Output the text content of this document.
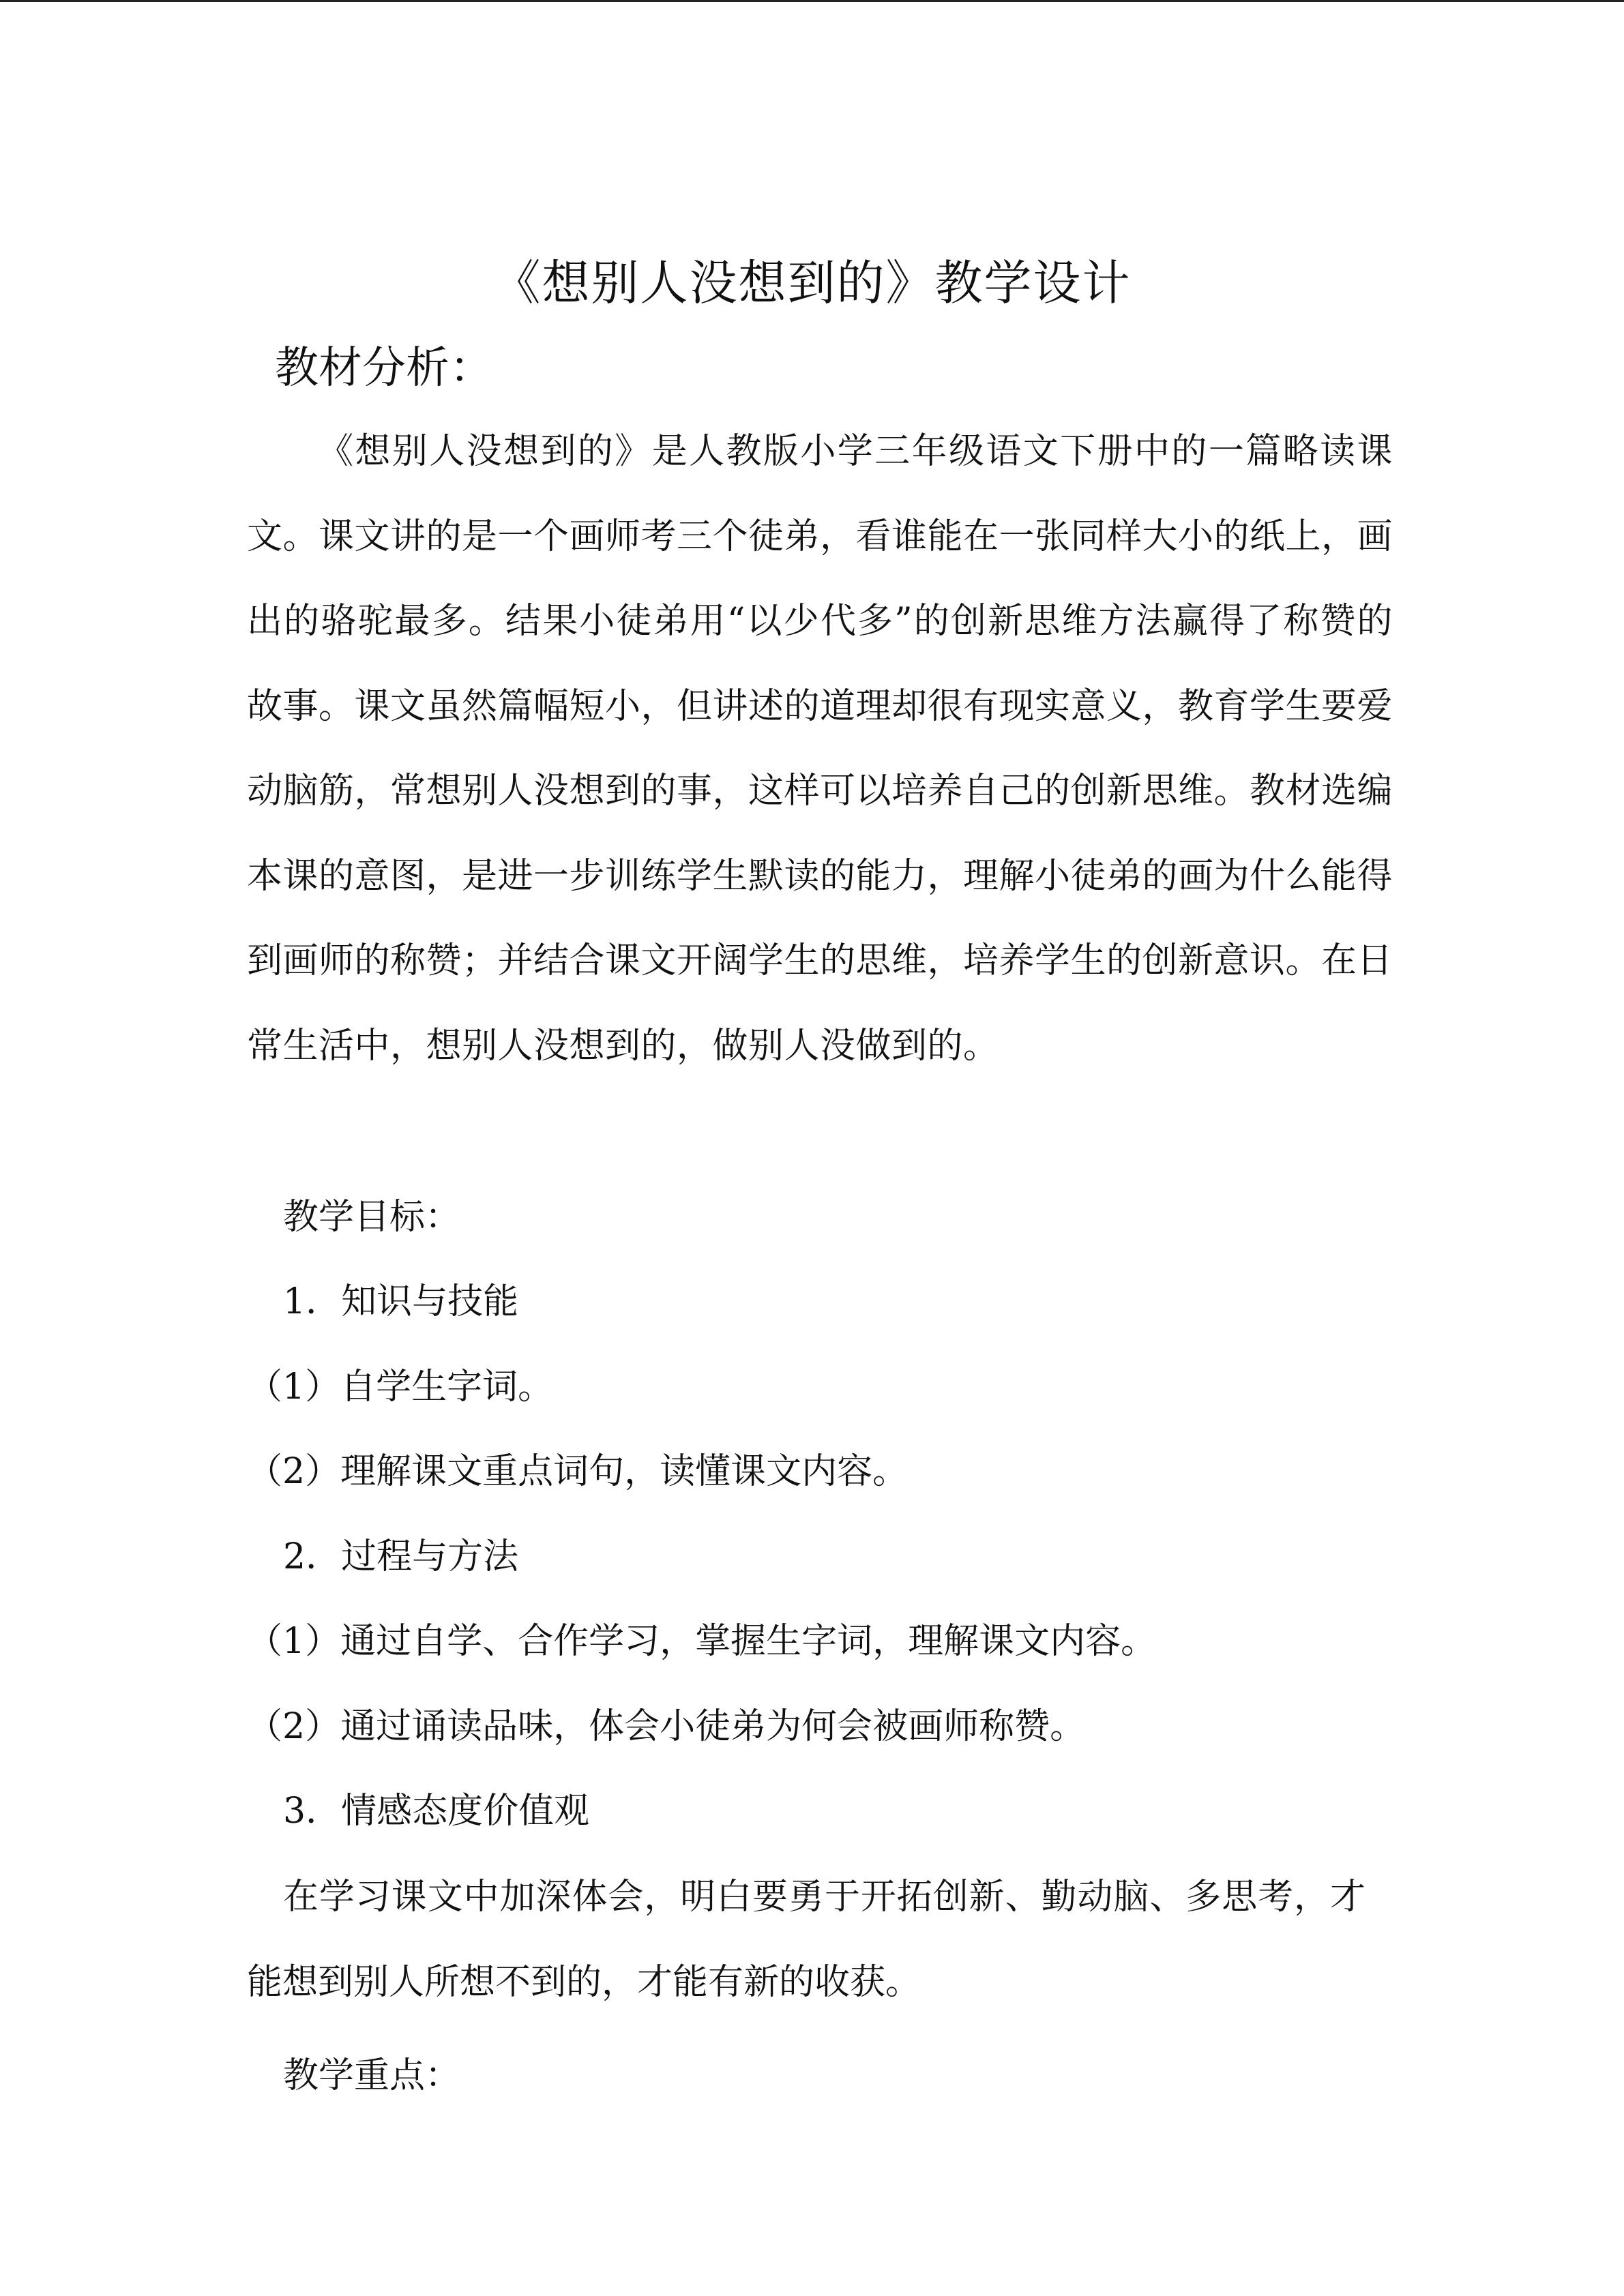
《想别人没想到的》教学设计
教材分析：

《想别人没想到的》是人教版小学三年级语文下册中的一篇略读课文。课文讲的是一个画师考三个徒弟，看谁能在一张同样大小的纸上，画出的骆驼最多。结果小徒弟用“以少代多”的创新思维方法赢得了称赞的故事。课文虽然篇幅短小，但讲述的道理却很有现实意义，教育学生要爱动脑筋，常想别人没想到的事，这样可以培养自己的创新思维。教材选编本课的意图，是进一步训练学生默读的能力，理解小徒弟的画为什么能得到画师的称赞；并结合课文开阔学生的思维，培养学生的创新意识。在日常生活中，想别人没想到的，做别人没做到的。

教学目标：
1．知识与技能
（1）自学生字词。
（2）理解课文重点词句，读懂课文内容。
2．过程与方法
（1）通过自学、合作学习，掌握生字词，理解课文内容。
（2）通过诵读品味，体会小徒弟为何会被画师称赞。
3．情感态度价值观

在学习课文中加深体会，明白要勇于开拓创新、勤动脑、多思考，才能想到别人所想不到的，才能有新的收获。

教学重点：
